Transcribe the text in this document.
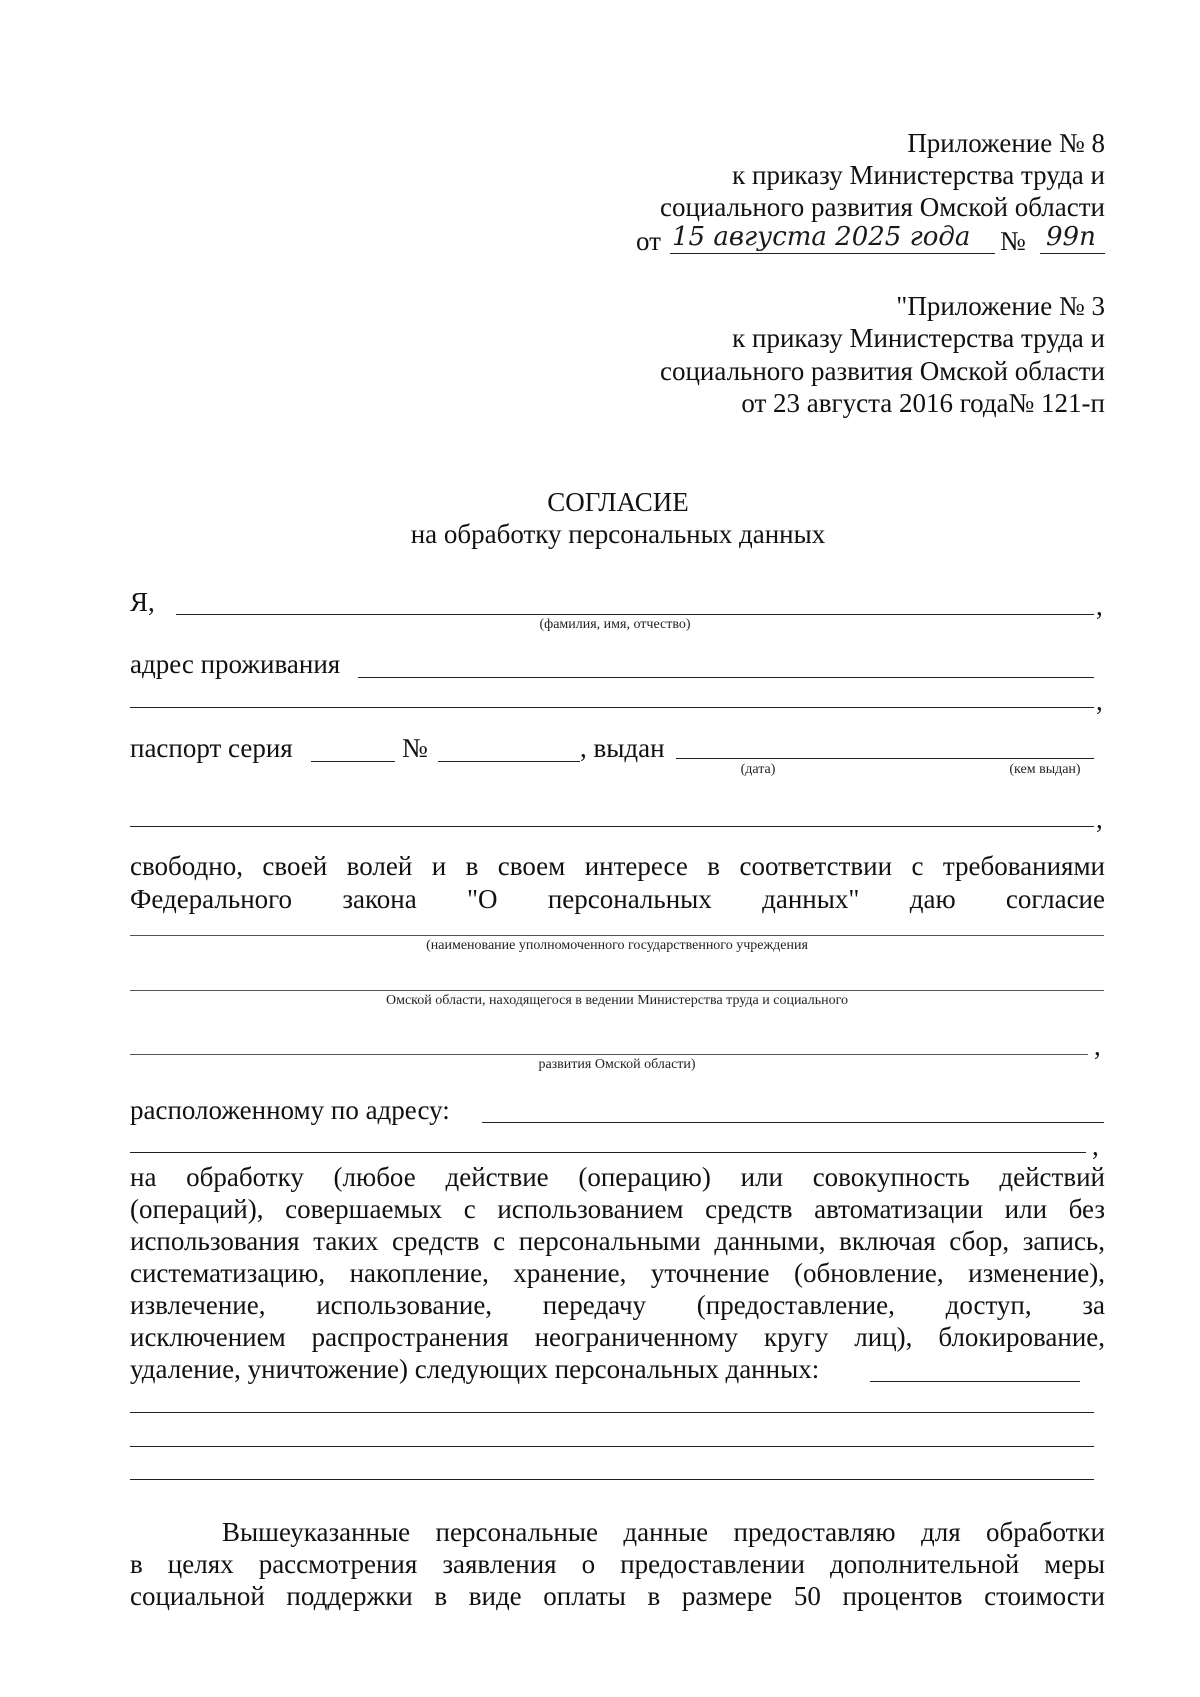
Приложение № 8
к приказу Министерства труда и
социального развития Омской области
от 15 августа 2025 года № 99п
"Приложение № 3
к приказу Министерства труда и
социального развития Омской области
от 23 августа 2016 года№ 121-п
СОГЛАСИЕ
на обработку персональных данных
Я,	,
(фамилия, имя, отчество)
адрес проживания
,
паспорт серия	№	, выдан
(дата)	(кем выдан)
,
свободно, своей волей и в своем интересе в соответствии с требованиями
Федерального закона "О персональных данных" даю согласие
(наименование уполномоченного государственного учреждения
Омской области, находящегося в ведении Министерства труда и социального
,
развития Омской области)
расположенному по адресу:
,
на обработку (любое действие (операцию) или совокупность действий
(операций), совершаемых с использованием средств автоматизации или без
использования таких средств с персональными данными, включая сбор, запись,
систематизацию, накопление, хранение, уточнение (обновление, изменение),
извлечение, использование, передачу (предоставление, доступ, за
исключением распространения неограниченному кругу лиц), блокирование,
удаление, уничтожение) следующих персональных данных:
Вышеуказанные персональные данные предоставляю для обработки
в целях рассмотрения заявления о предоставлении дополнительной меры
социальной поддержки в виде оплаты в размере 50 процентов стоимости
